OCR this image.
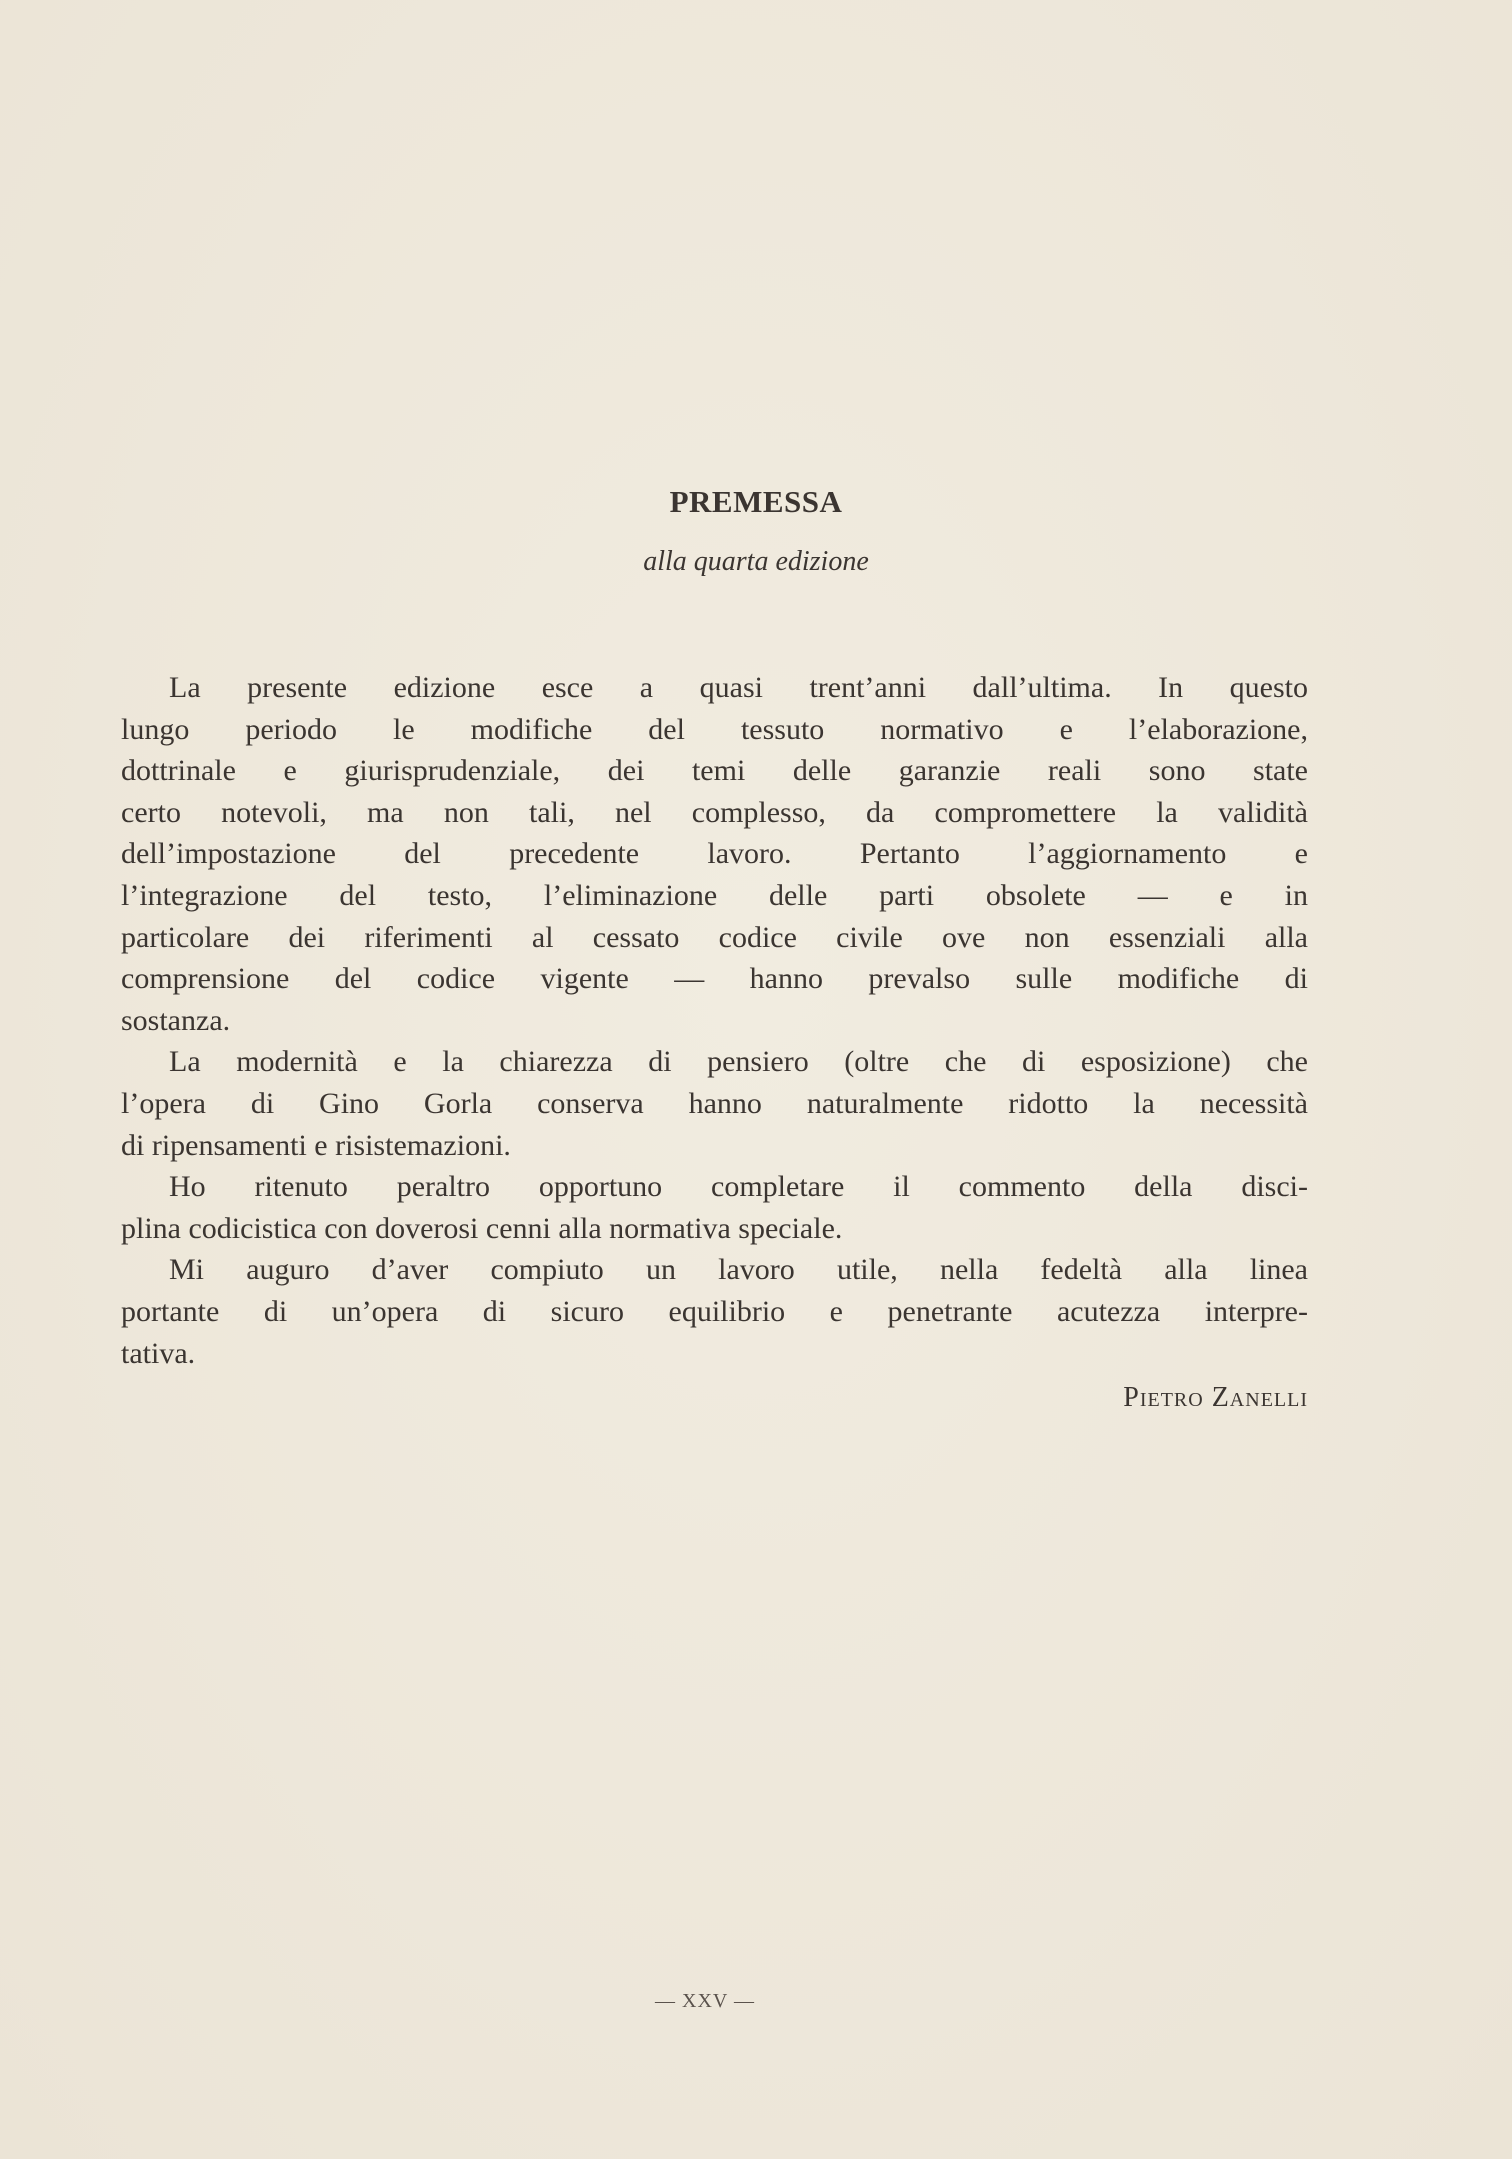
PREMESSA
alla quarta edizione
La presente edizione esce a quasi trent’anni dall’ultima. In questo
lungo periodo le modifiche del tessuto normativo e l’elaborazione,
dottrinale e giurisprudenziale, dei temi delle garanzie reali sono state
certo notevoli, ma non tali, nel complesso, da compromettere la validità
dell’impostazione del precedente lavoro. Pertanto l’aggiornamento e
l’integrazione del testo, l’eliminazione delle parti obsolete — e in
particolare dei riferimenti al cessato codice civile ove non essenziali alla
comprensione del codice vigente — hanno prevalso sulle modifiche di
sostanza.
La modernità e la chiarezza di pensiero (oltre che di esposizione) che
l’opera di Gino Gorla conserva hanno naturalmente ridotto la necessità
di ripensamenti e risistemazioni.
Ho ritenuto peraltro opportuno completare il commento della disci-
plina codicistica con doverosi cenni alla normativa speciale.
Mi auguro d’aver compiuto un lavoro utile, nella fedeltà alla linea
portante di un’opera di sicuro equilibrio e penetrante acutezza interpre-
tativa.
Pietro Zanelli
— XXV —
